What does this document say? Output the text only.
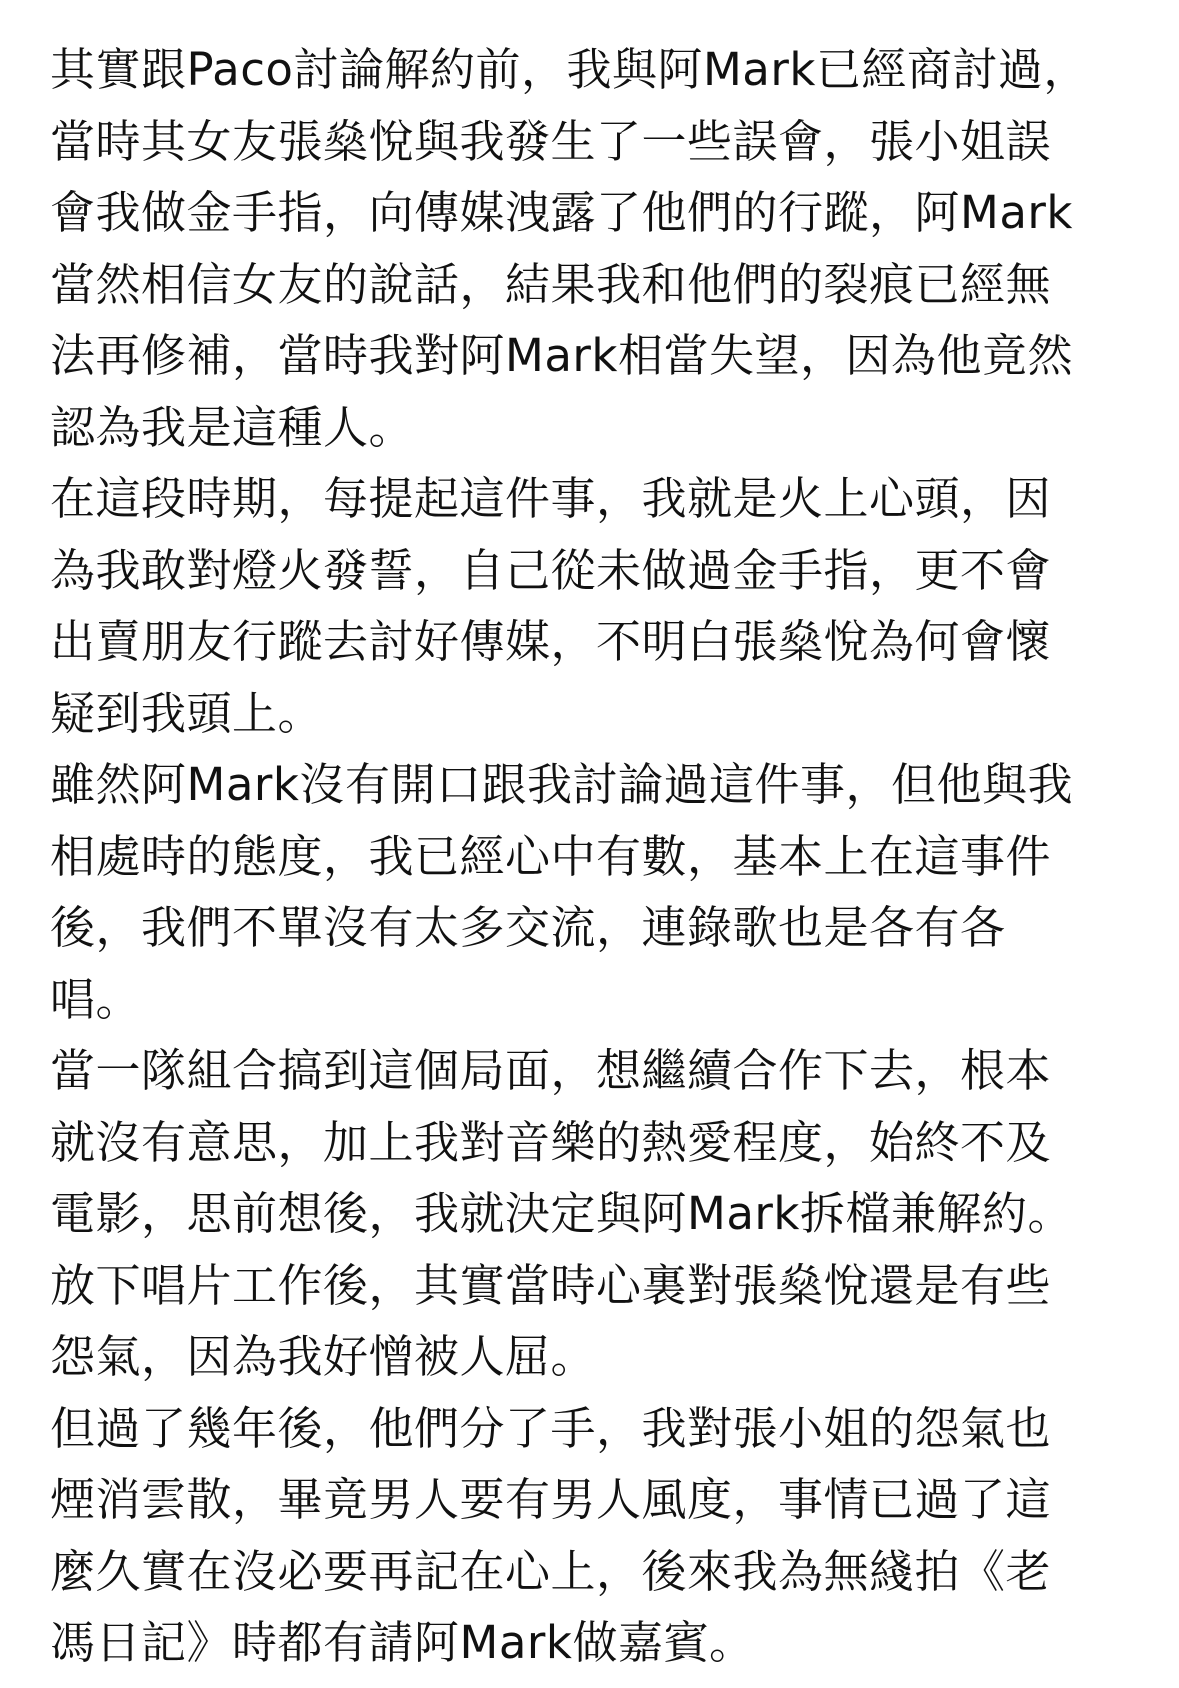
其實跟Paco討論解約前，我與阿Mark已經商討過，
當時其女友張燊悅與我發生了一些誤會，張小姐誤
會我做金手指，向傳媒洩露了他們的行蹤，阿Mark
當然相信女友的說話，結果我和他們的裂痕已經無
法再修補，當時我對阿Mark相當失望，因為他竟然
認為我是這種人。
在這段時期，每提起這件事，我就是火上心頭，因
為我敢對燈火發誓，自己從未做過金手指，更不會
出賣朋友行蹤去討好傳媒，不明白張燊悅為何會懷
疑到我頭上。
雖然阿Mark沒有開口跟我討論過這件事，但他與我
相處時的態度，我已經心中有數，基本上在這事件
後，我們不單沒有太多交流，連錄歌也是各有各
唱。
當一隊組合搞到這個局面，想繼續合作下去，根本
就沒有意思，加上我對音樂的熱愛程度，始終不及
電影，思前想後，我就決定與阿Mark拆檔兼解約。
放下唱片工作後，其實當時心裏對張燊悅還是有些
怨氣，因為我好憎被人屈。
但過了幾年後，他們分了手，我對張小姐的怨氣也
煙消雲散，畢竟男人要有男人風度，事情已過了這
麼久實在沒必要再記在心上，後來我為無綫拍《老
馮日記》時都有請阿Mark做嘉賓。
